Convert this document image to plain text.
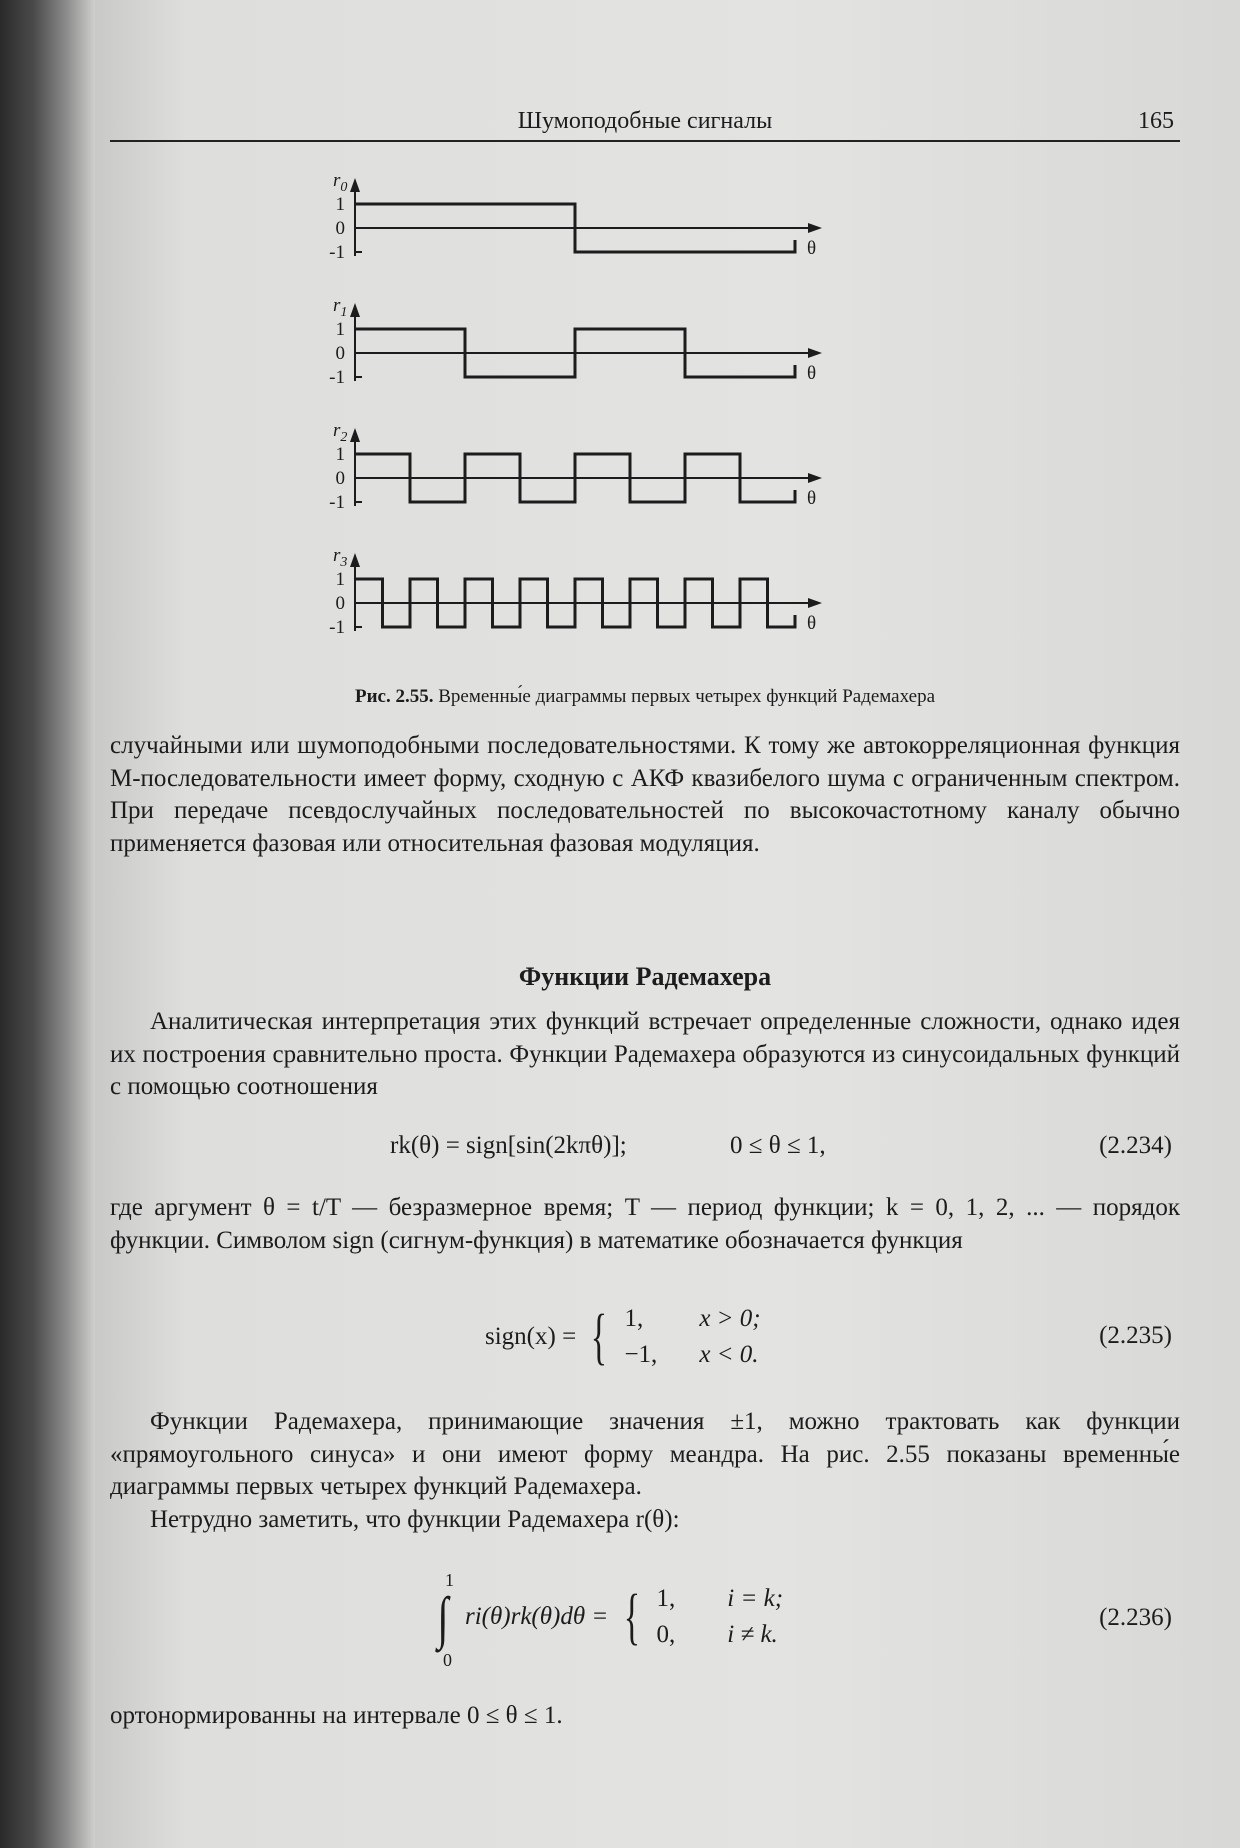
Шумоподобные сигналы	165
1
0
-1
$r_0$
θ
1
0
-1
$r_1$
θ
1
0
-1
$r_2$
θ
1
0
-1
$r_3$
θ
Рис. 2.55. Временны́е диаграммы первых четырех функций Радемахера
случайными или шумоподобными последовательностями. К тому же автокорреляционная функция M-последовательности имеет форму, сходную с АКФ квазибелого шума с ограниченным спектром. При передаче псевдослучайных последовательностей по высокочастотному каналу обычно применяется фазовая или относительная фазовая модуляция.
Функции Радемахера
Аналитическая интерпретация этих функций встречает определенные сложности, однако идея их построения сравнительно проста. Функции Радемахера образуются из синусоидальных функций с помощью соотношения
rk(θ) = sign[sin(2kπθ)];	0 ≤ θ ≤ 1,	(2.234)
где аргумент θ = t/T — безразмерное время; T — период функции; k = 0, 1, 2, ... — порядок функции. Символом sign (сигнум-функция) в математике обозначается функция
sign(x) = { 1,	x > 0;
−1,	x < 0.
(2.235)
Функции Радемахера, принимающие значения ±1, можно трактовать как функции «прямоугольного синуса» и они имеют форму меандра. На рис. 2.55 показаны временны́е диаграммы первых четырех функций Радемахера.
Нетрудно заметить, что функции Радемахера r(θ):
1
∫
0
ri(θ)rk(θ)dθ = { 1,	i = k;
0,	i ≠ k.
(2.236)
ортонормированны на интервале 0 ≤ θ ≤ 1.
